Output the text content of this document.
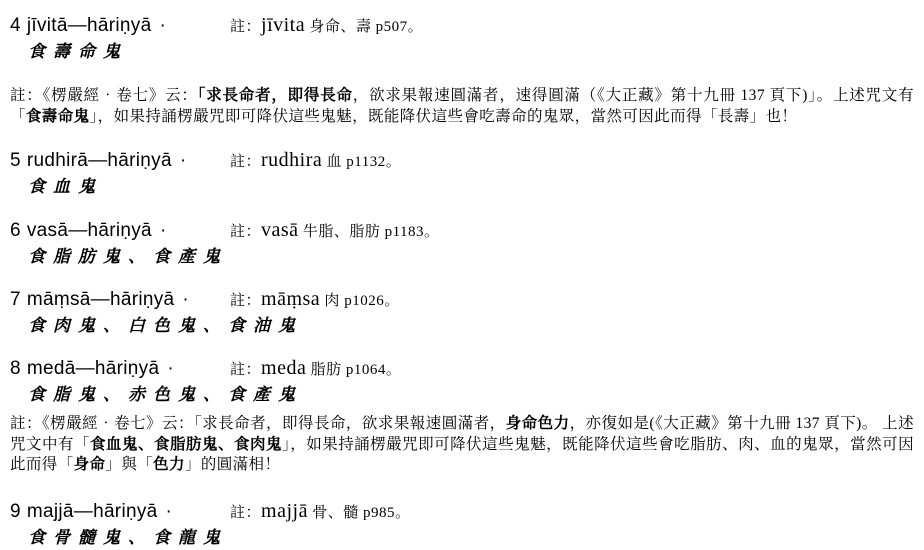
4 jīvitā—hāriṇyā ·	註：jīvita 身命、壽 p507。
食壽命鬼
註：《楞嚴經‧卷七》云：「求長命者，即得長命，欲求果報速圓滿者，速得圓滿（《大正藏》第十九冊 137 頁下)」。上述咒文有「食壽命鬼」，如果持誦楞嚴咒即可降伏這些鬼魅，既能降伏這些會吃壽命的鬼眾，當然可因此而得「長壽」也！
5 rudhirā—hāriṇyā ·	註：rudhira 血 p1132。
食血鬼
6 vasā—hāriṇyā ·	註：vasā 牛脂、脂肪 p1183。
食脂肪鬼、食產鬼
7 māṃsā—hāriṇyā ·	註：māṃsa 肉 p1026。
食肉鬼、白色鬼、食油鬼
8 medā—hāriṇyā ·	註：meda 脂肪 p1064。
食脂鬼、赤色鬼、食產鬼
註：《楞嚴經‧卷七》云：「求長命者，即得長命，欲求果報速圓滿者，身命色力，亦復如是(《大正藏》第十九冊 137 頁下)。 上述咒文中有「食血鬼、食脂肪鬼、食肉鬼」，如果持誦楞嚴咒即可降伏這些鬼魅，既能降伏這些會吃脂肪、肉、血的鬼眾，當然可因此而得「身命」與「色力」的圓滿相！
9 majjā—hāriṇyā ·	註：majjā 骨、髓 p985。
食骨髓鬼、食龍鬼
